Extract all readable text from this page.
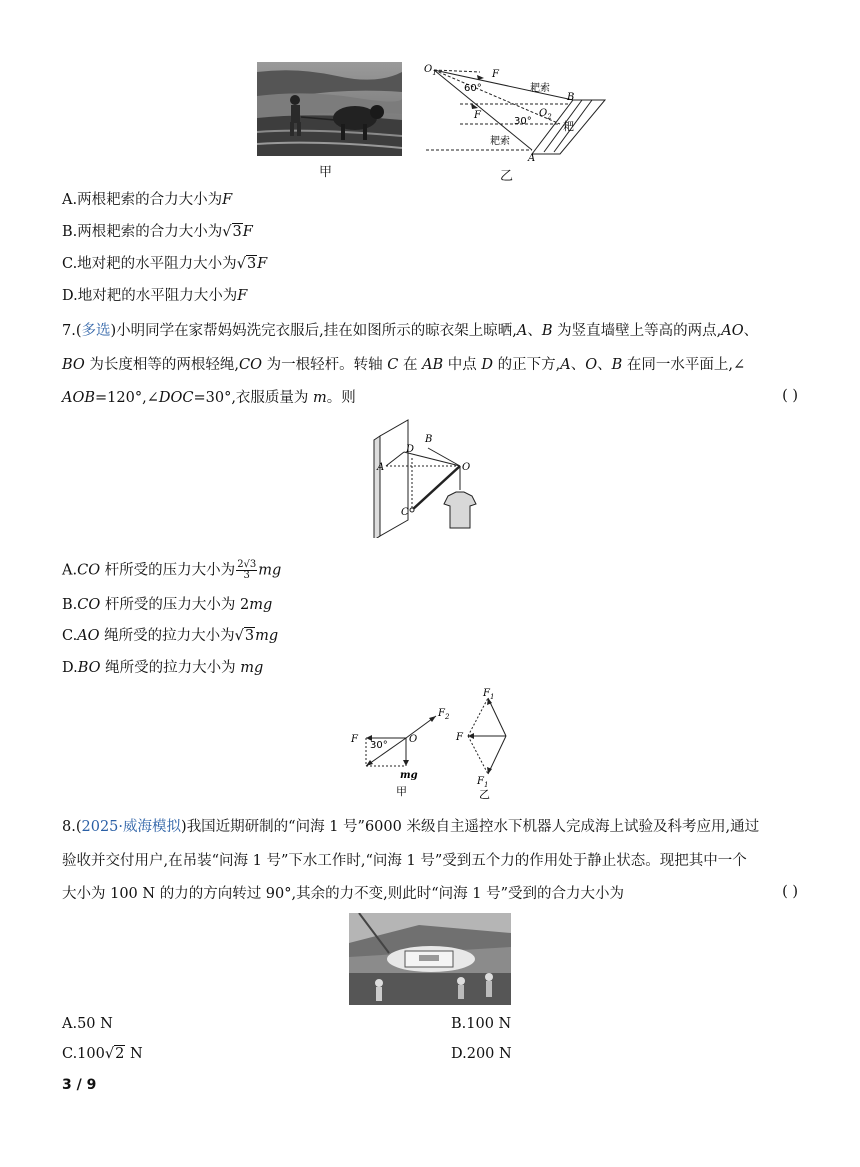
甲
$O_1$	F
60°	耙索
B
F
30°
$O_2$
耙
耙索
A
乙
A.两根耙索的合力大小为F
B.两根耙索的合力大小为√3F
C.地对耙的水平阻力大小为√3F
D.地对耙的水平阻力大小为F
7.(多选)小明同学在家帮妈妈洗完衣服后,挂在如图所示的晾衣架上晾晒,A、B 为竖直墙壁上等高的两点,AO、
BO 为长度相等的两根轻绳,CO 为一根轻杆。转轴 C 在 AB 中点 D 的正下方,A、O、B 在同一水平面上,∠
AOB=120°,∠DOC=30°,衣服质量为 m。则	( )
A
B
D
O
C
A.CO 杆所受的压力大小为 $\frac{2√3}{3}$ mg
B.CO 杆所受的压力大小为 2mg
C.AO 绳所受的拉力大小为√3mg
D.BO 绳所受的拉力大小为 mg
F
30°
O
$F_2$
mg
甲
$F_1$
F
$F_1$
乙
8.(2025·威海模拟)我国近期研制的“问海 1 号”6000 米级自主遥控水下机器人完成海上试验及科考应用,通过
验收并交付用户,在吊装“问海 1 号”下水工作时,“问海 1 号”受到五个力的作用处于静止状态。现把其中一个
大小为 100 N 的力的方向转过 90°,其余的力不变,则此时“问海 1 号”受到的合力大小为	( )
A.50 N	B.100 N
C.100√2 N	D.200 N
3 / 9
